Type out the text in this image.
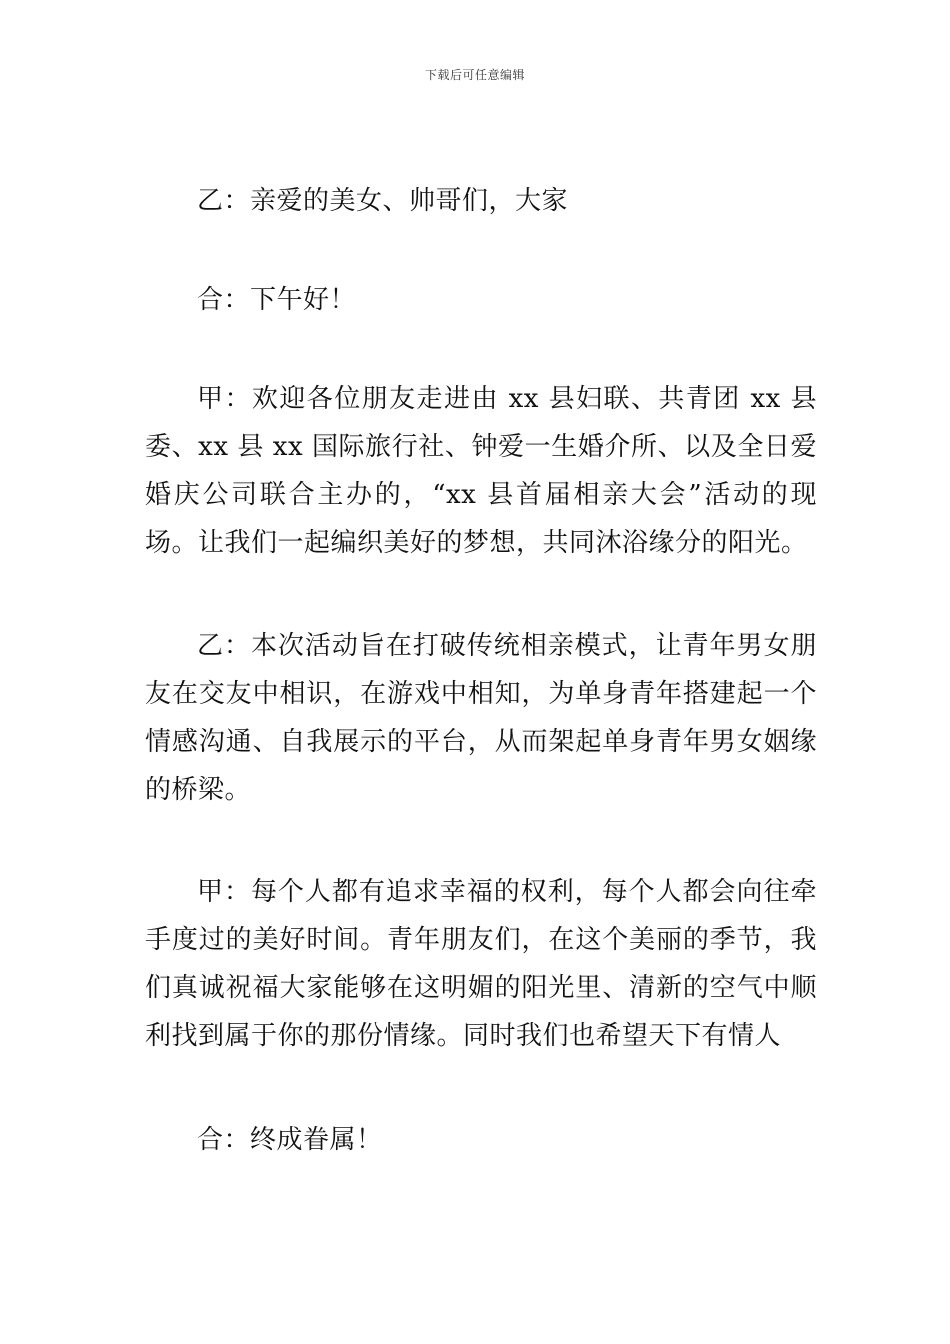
下载后可任意编辑

乙：亲爱的美女、帅哥们，大家

合：下午好！

甲：欢迎各位朋友走进由 xx 县妇联、共青团 xx 县委、xx 县 xx 国际旅行社、钟爱一生婚介所、以及全日爱婚庆公司联合主办的，“xx 县首届相亲大会”活动的现场。让我们一起编织美好的梦想，共同沐浴缘分的阳光。

乙：本次活动旨在打破传统相亲模式，让青年男女朋友在交友中相识，在游戏中相知，为单身青年搭建起一个情感沟通、自我展示的平台，从而架起单身青年男女姻缘的桥梁。

甲：每个人都有追求幸福的权利，每个人都会向往牵手度过的美好时间。青年朋友们，在这个美丽的季节，我们真诚祝福大家能够在这明媚的阳光里、清新的空气中顺利找到属于你的那份情缘。同时我们也希望天下有情人

合：终成眷属！
